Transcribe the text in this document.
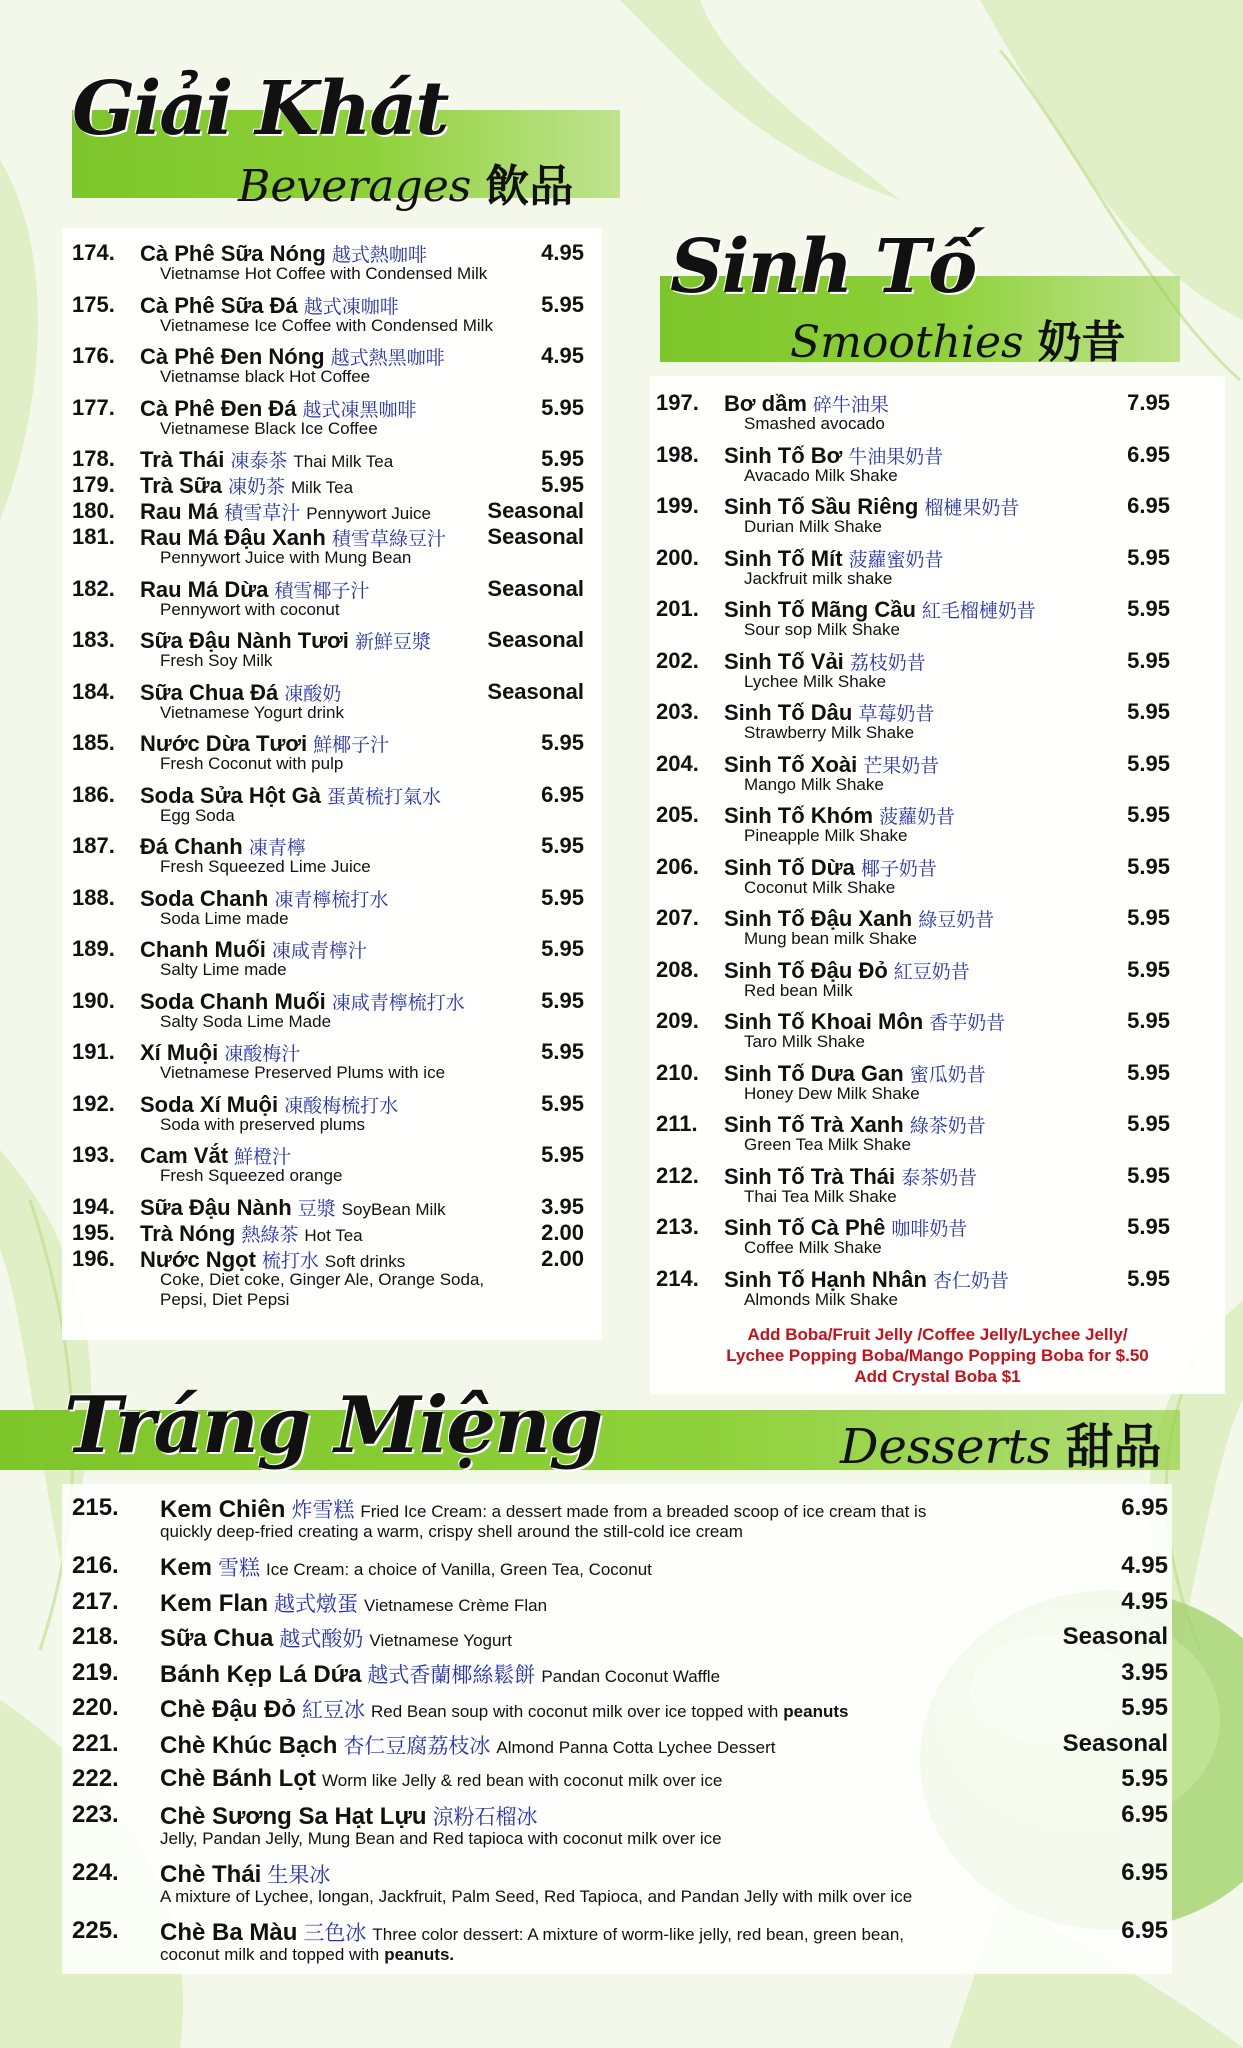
Giải Khát
Beverages 飲品
174. Cà Phê Sữa Nóng 越式熱咖啡	4.95
Vietnamse Hot Coffee with Condensed Milk
175. Cà Phê Sữa Đá 越式凍咖啡	5.95
Vietnamese Ice Coffee with Condensed Milk
176. Cà Phê Đen Nóng 越式熱黑咖啡	4.95
Vietnamse black Hot Coffee
177. Cà Phê Đen Đá 越式凍黑咖啡	5.95
Vietnamese Black Ice Coffee
178. Trà Thái 凍泰茶 Thai Milk Tea	5.95
179. Trà Sữa 凍奶茶 Milk Tea	5.95
180. Rau Má 積雪草汁 Pennywort Juice	Seasonal
181. Rau Má Đậu Xanh 積雪草綠豆汁 Seasonal
Pennywort Juice with Mung Bean
182. Rau Má Dừa 積雪椰子汁	Seasonal
Pennywort with coconut
183. Sữa Đậu Nành Tươi 新鮮豆漿	Seasonal
Fresh Soy Milk
184. Sữa Chua Đá 凍酸奶	Seasonal
Vietnamese Yogurt drink
185. Nước Dừa Tươi 鮮椰子汁	5.95
Fresh Coconut with pulp
186. Soda Sửa Hột Gà 蛋黃梳打氣水	6.95
Egg Soda
187. Đá Chanh 凍青檸	5.95
Fresh Squeezed Lime Juice
188. Soda Chanh 凍青檸梳打水	5.95
Soda Lime made
189. Chanh Muối 凍咸青檸汁	5.95
Salty Lime made
190. Soda Chanh Muối 凍咸青檸梳打水	5.95
Salty Soda Lime Made
191. Xí Muội 凍酸梅汁	5.95
Vietnamese Preserved Plums with ice
192. Soda Xí Muội 凍酸梅梳打水	5.95
Soda with preserved plums
193. Cam Vắt 鮮橙汁	5.95
Fresh Squeezed orange
194. Sữa Đậu Nành 豆漿 SoyBean Milk	3.95
195. Trà Nóng 熱綠茶 Hot Tea	2.00
196. Nước Ngọt 梳打水 Soft drinks	2.00
Coke, Diet coke, Ginger Ale, Orange Soda,
Pepsi, Diet Pepsi
Sinh Tố
Smoothies 奶昔
197. Bơ dầm 碎牛油果	7.95
Smashed avocado
198. Sinh Tố Bơ 牛油果奶昔	6.95
Avacado Milk Shake
199. Sinh Tố Sầu Riêng 榴槤果奶昔	6.95
Durian Milk Shake
200. Sinh Tố Mít 菠蘿蜜奶昔	5.95
Jackfruit milk shake
201. Sinh Tố Mãng Cầu 紅毛榴槤奶昔	5.95
Sour sop Milk Shake
202. Sinh Tố Vải 荔枝奶昔	5.95
Lychee Milk Shake
203. Sinh Tố Dâu 草莓奶昔	5.95
Strawberry Milk Shake
204. Sinh Tố Xoài 芒果奶昔	5.95
Mango Milk Shake
205. Sinh Tố Khóm 菠蘿奶昔	5.95
Pineapple Milk Shake
206. Sinh Tố Dừa 椰子奶昔	5.95
Coconut Milk Shake
207. Sinh Tố Đậu Xanh 綠豆奶昔	5.95
Mung bean milk Shake
208. Sinh Tố Đậu Đỏ 紅豆奶昔	5.95
Red bean Milk
209. Sinh Tố Khoai Môn 香芋奶昔	5.95
Taro Milk Shake
210. Sinh Tố Dưa Gan 蜜瓜奶昔	5.95
Honey Dew Milk Shake
211. Sinh Tố Trà Xanh 綠茶奶昔	5.95
Green Tea Milk Shake
212. Sinh Tố Trà Thái 泰茶奶昔	5.95
Thai Tea Milk Shake
213. Sinh Tố Cà Phê 咖啡奶昔	5.95
Coffee Milk Shake
214. Sinh Tố Hạnh Nhân 杏仁奶昔	5.95
Almonds Milk Shake
Add Boba/Fruit Jelly /Coffee Jelly/Lychee Jelly/
Lychee Popping Boba/Mango Popping Boba for $.50
Add Crystal Boba $1
Tráng Miệng	Desserts 甜品
215. Kem Chiên 炸雪糕 Fried Ice Cream: a dessert made from a breaded scoop of ice cream that is	6.95
quickly deep-fried creating a warm, crispy shell around the still-cold ice cream
216. Kem 雪糕 Ice Cream: a choice of Vanilla, Green Tea, Coconut	4.95
217. Kem Flan 越式燉蛋 Vietnamese Crème Flan	4.95
218. Sữa Chua 越式酸奶 Vietnamese Yogurt	Seasonal
219. Bánh Kẹp Lá Dứa 越式香蘭椰絲鬆餅 Pandan Coconut Waffle	3.95
220. Chè Đậu Đỏ 紅豆冰 Red Bean soup with coconut milk over ice topped with peanuts	5.95
221. Chè Khúc Bạch 杏仁豆腐荔枝冰 Almond Panna Cotta Lychee Dessert	Seasonal
222. Chè Bánh Lọt Worm like Jelly & red bean with coconut milk over ice	5.95
223. Chè Sương Sa Hạt Lựu 涼粉石榴冰	6.95
Jelly, Pandan Jelly, Mung Bean and Red tapioca with coconut milk over ice
224. Chè Thái 生果冰	6.95
A mixture of Lychee, longan, Jackfruit, Palm Seed, Red Tapioca, and Pandan Jelly with milk over ice
225. Chè Ba Màu 三色冰 Three color dessert: A mixture of worm-like jelly, red bean, green bean,	6.95
coconut milk and topped with peanuts.
